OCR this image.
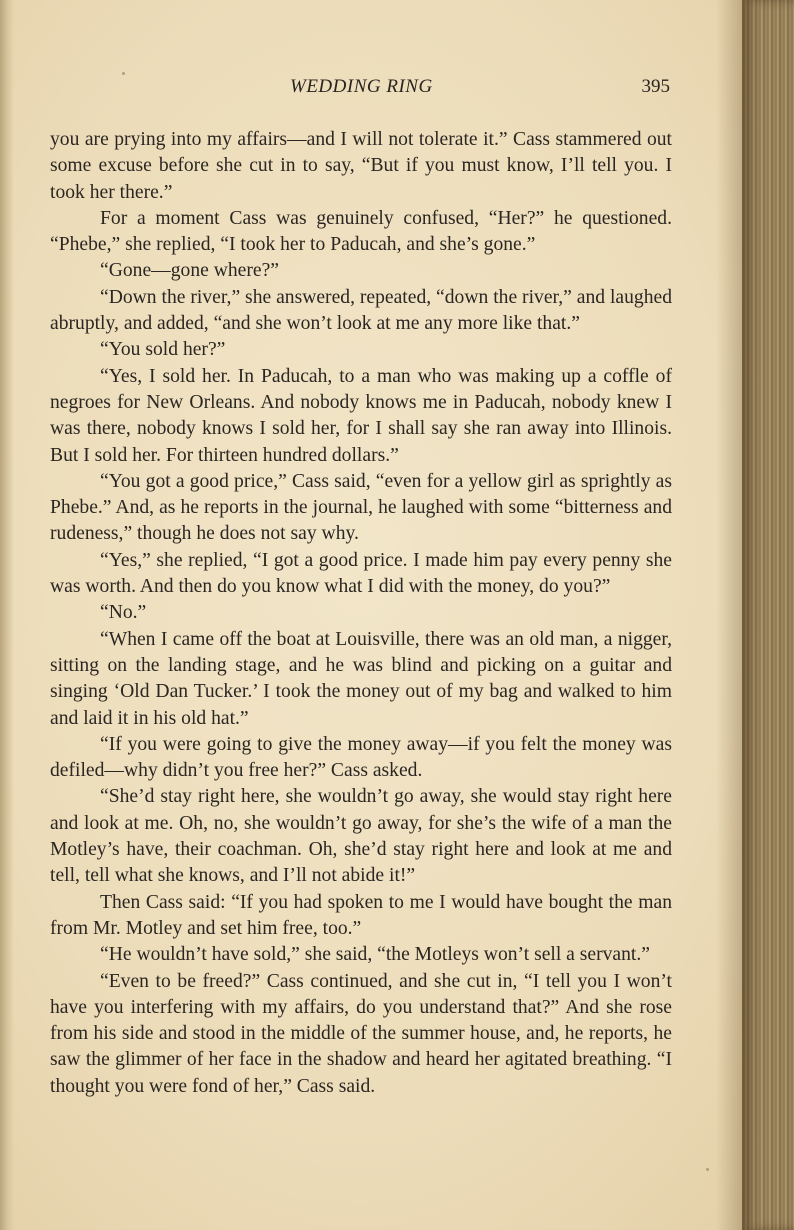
WEDDING RING	395

you are prying into my affairs—and I will not tolerate it.” Cass stammered out some excuse before she cut in to say, “But if you must know, I’ll tell you. I took her there.”

For a moment Cass was genuinely confused, “Her?” he questioned. “Phebe,” she replied, “I took her to Paducah, and she’s gone.”

“Gone—gone where?”

“Down the river,” she answered, repeated, “down the river,” and laughed abruptly, and added, “and she won’t look at me any more like that.”

“You sold her?”

“Yes, I sold her. In Paducah, to a man who was making up a coffle of negroes for New Orleans. And nobody knows me in Paducah, nobody knew I was there, nobody knows I sold her, for I shall say she ran away into Illinois. But I sold her. For thirteen hundred dollars.”

“You got a good price,” Cass said, “even for a yellow girl as sprightly as Phebe.” And, as he reports in the journal, he laughed with some “bitterness and rudeness,” though he does not say why.

“Yes,” she replied, “I got a good price. I made him pay every penny she was worth. And then do you know what I did with the money, do you?”

“No.”

“When I came off the boat at Louisville, there was an old man, a nigger, sitting on the landing stage, and he was blind and picking on a guitar and singing ‘Old Dan Tucker.’ I took the money out of my bag and walked to him and laid it in his old hat.”

“If you were going to give the money away—if you felt the money was defiled—why didn’t you free her?” Cass asked.

“She’d stay right here, she wouldn’t go away, she would stay right here and look at me. Oh, no, she wouldn’t go away, for she’s the wife of a man the Motley’s have, their coachman. Oh, she’d stay right here and look at me and tell, tell what she knows, and I’ll not abide it!”

Then Cass said: “If you had spoken to me I would have bought the man from Mr. Motley and set him free, too.”

“He wouldn’t have sold,” she said, “the Motleys won’t sell a servant.”

“Even to be freed?” Cass continued, and she cut in, “I tell you I won’t have you interfering with my affairs, do you understand that?” And she rose from his side and stood in the middle of the summer house, and, he reports, he saw the glimmer of her face in the shadow and heard her agitated breathing. “I thought you were fond of her,” Cass said.
